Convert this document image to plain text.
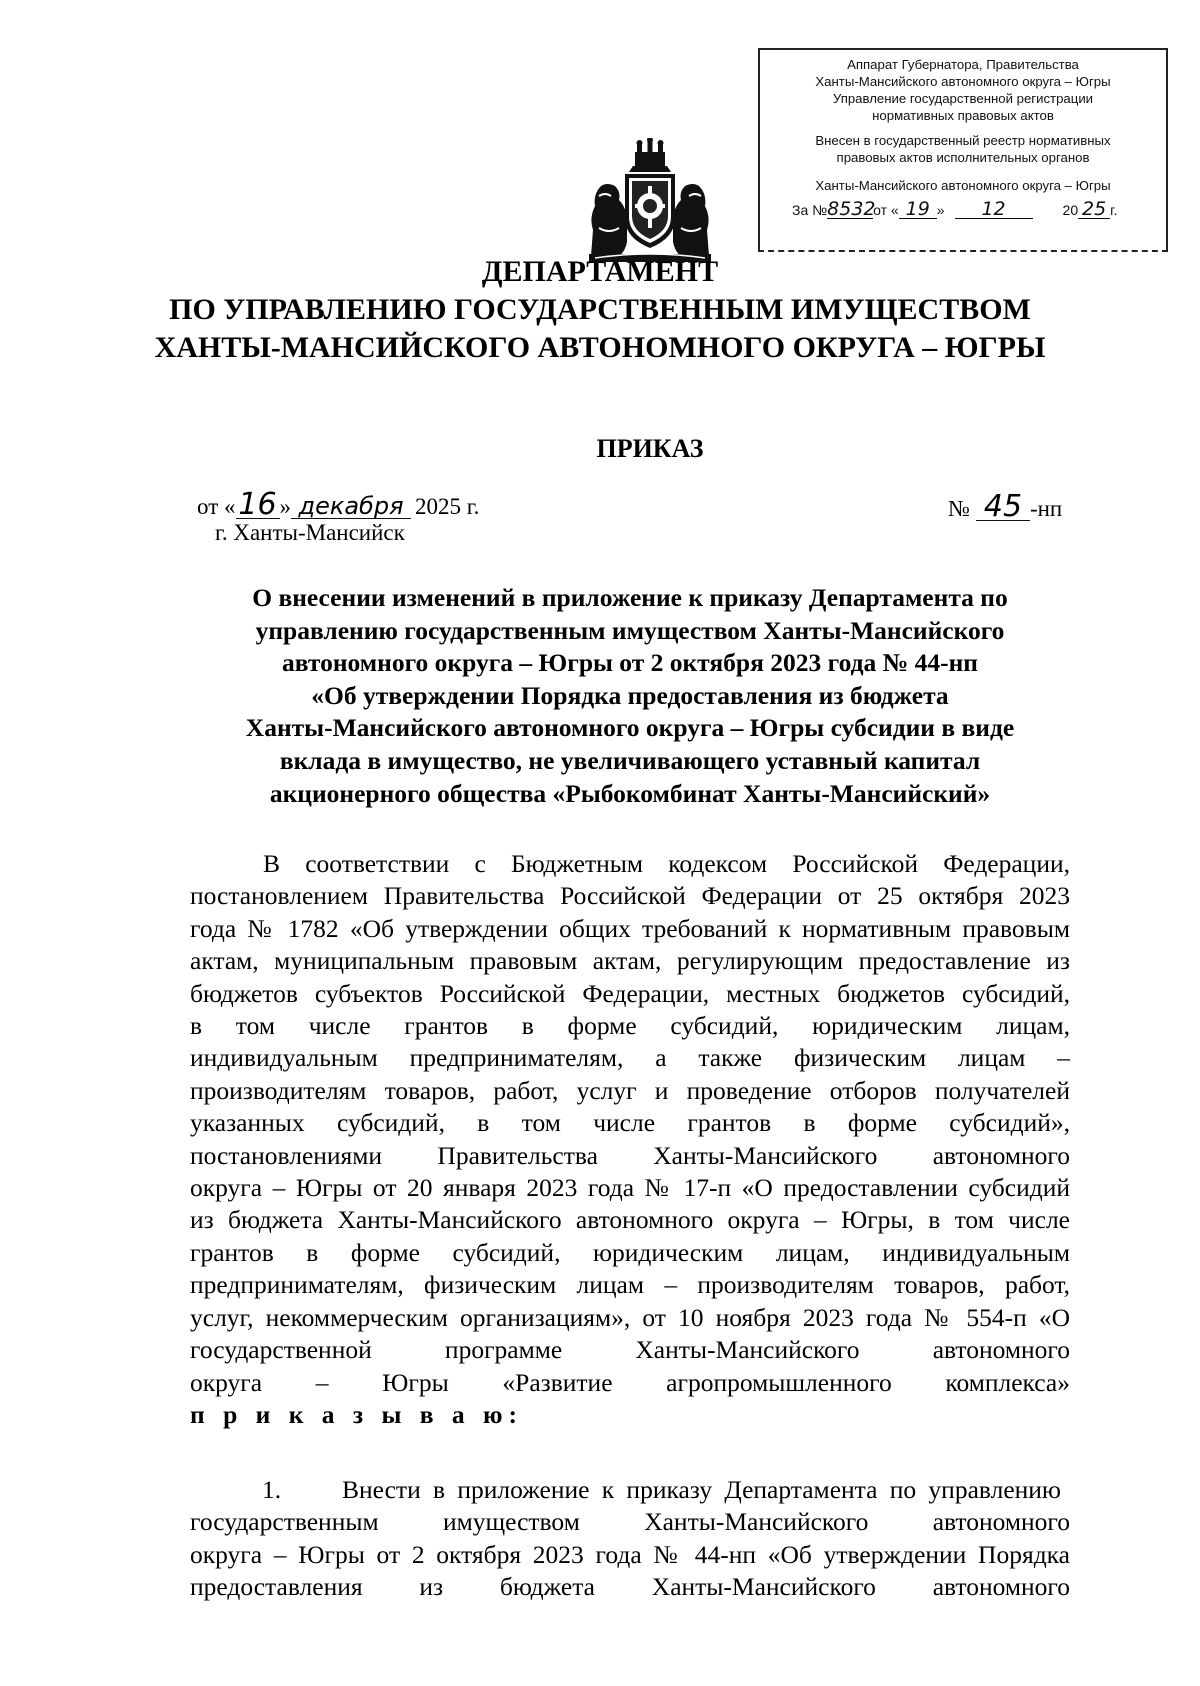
Аппарат Губернатора, Правительства
Ханты-Мансийского автономного округа – Югры
Управление государственной регистрации
нормативных правовых актов
Внесен в государственный реестр нормативных
правовых актов исполнительных органов
Ханты-Мансийского автономного округа – Югры
За №8532от « 19 » 12	20 25 г.
ДЕПАРТАМЕНТ
ПО УПРАВЛЕНИЮ ГОСУДАРСТВЕННЫМ ИМУЩЕСТВОМ
ХАНТЫ-МАНСИЙСКОГО АВТОНОМНОГО ОКРУГА – ЮГРЫ
ПРИКАЗ
от «16 » декабря 2025 г.
г. Ханты-Мансийск
№ 45 -нп
О внесении изменений в приложение к приказу Департамента по
управлению государственным имуществом Ханты-Мансийского
автономного округа – Югры от 2 октября 2023 года № 44-нп
«Об утверждении Порядка предоставления из бюджета
Ханты-Мансийского автономного округа – Югры субсидии в виде
вклада в имущество, не увеличивающего уставный капитал
акционерного общества «Рыбокомбинат Ханты-Мансийский»
В соответствии с Бюджетным кодексом Российской Федерации,
постановлением Правительства Российской Федерации от 25 октября 2023
года № 1782 «Об утверждении общих требований к нормативным правовым
актам, муниципальным правовым актам, регулирующим предоставление из
бюджетов субъектов Российской Федерации, местных бюджетов субсидий,
в том числе грантов в форме субсидий, юридическим лицам,
индивидуальным предпринимателям, а также физическим лицам –
производителям товаров, работ, услуг и проведение отборов получателей
указанных субсидий, в том числе грантов в форме субсидий»,
постановлениями Правительства Ханты-Мансийского автономного
округа – Югры от 20 января 2023 года № 17-п «О предоставлении субсидий
из бюджета Ханты-Мансийского автономного округа – Югры, в том числе
грантов в форме субсидий, юридическим лицам, индивидуальным
предпринимателям, физическим лицам – производителям товаров, работ,
услуг, некоммерческим организациям», от 10 ноября 2023 года № 554-п «О
государственной программе Ханты-Мансийского автономного
округа – Югры «Развитие агропромышленного комплекса»
п р и к а з ы в а ю:
1. Внести в приложение к приказу Департамента по управлению
государственным имуществом Ханты-Мансийского автономного
округа – Югры от 2 октября 2023 года № 44-нп «Об утверждении Порядка
предоставления из бюджета Ханты-Мансийского автономного
